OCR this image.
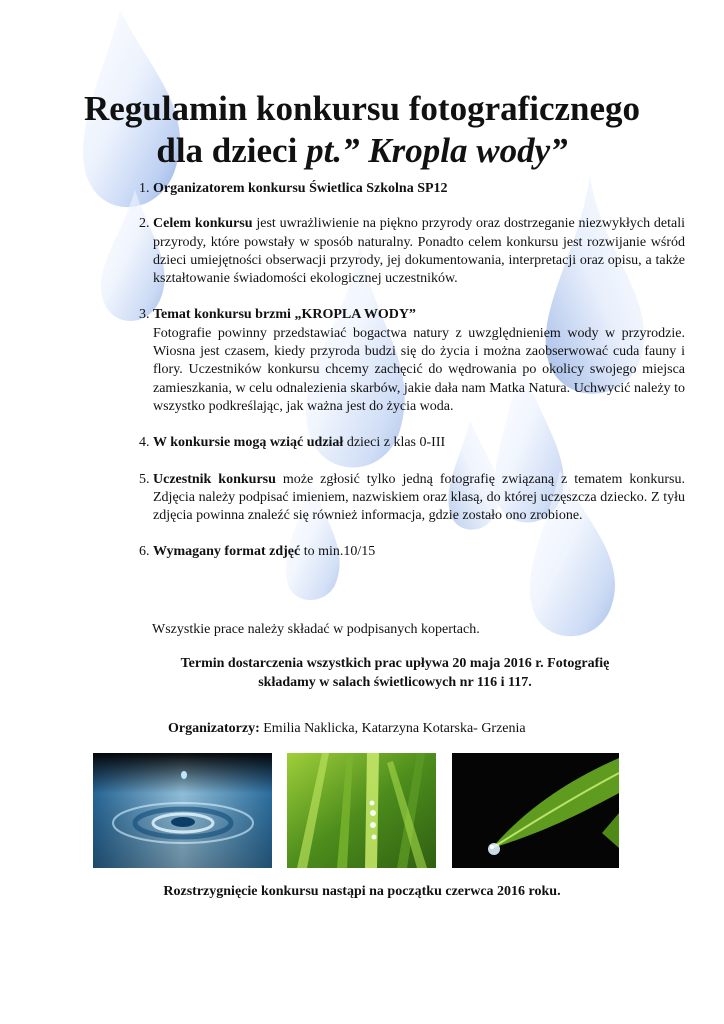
Regulamin konkursu fotograficznego
dla dzieci pt.” Kropla wody”
1. Organizatorem konkursu Świetlica Szkolna SP12
2. Celem konkursu jest uwrażliwienie na piękno przyrody oraz dostrzeganie niezwykłych detali przyrody, które powstały w sposób naturalny. Ponadto celem konkursu jest rozwijanie wśród dzieci umiejętności obserwacji przyrody, jej dokumentowania, interpretacji oraz opisu, a także kształtowanie świadomości ekologicznej uczestników.
3. Temat konkursu brzmi „KROPLA WODY”
Fotografie powinny przedstawiać bogactwa natury z uwzględnieniem wody w przyrodzie. Wiosna jest czasem, kiedy przyroda budzi się do życia i można zaobserwować cuda fauny i flory. Uczestników konkursu chcemy zachęcić do wędrowania po okolicy swojego miejsca zamieszkania, w celu odnalezienia skarbów, jakie dała nam Matka Natura. Uchwycić należy to wszystko podkreślając, jak ważna jest do życia woda.
4. W konkursie mogą wziąć udział dzieci z klas 0-III
5. Uczestnik konkursu może zgłosić tylko jedną fotografię związaną z tematem konkursu. Zdjęcia należy podpisać imieniem, nazwiskiem oraz klasą, do której uczęszcza dziecko. Z tyłu zdjęcia powinna znaleźć się również informacja, gdzie zostało ono zrobione.
6. Wymagany format zdjęć to min.10/15
Wszystkie prace należy składać w podpisanych kopertach.
Termin dostarczenia wszystkich prac upływa 20 maja 2016 r. Fotografię
składamy w salach świetlicowych nr 116 i 117.
Organizatorzy: Emilia Naklicka, Katarzyna Kotarska- Grzenia
Rozstrzygnięcie konkursu nastąpi na początku czerwca 2016 roku.
